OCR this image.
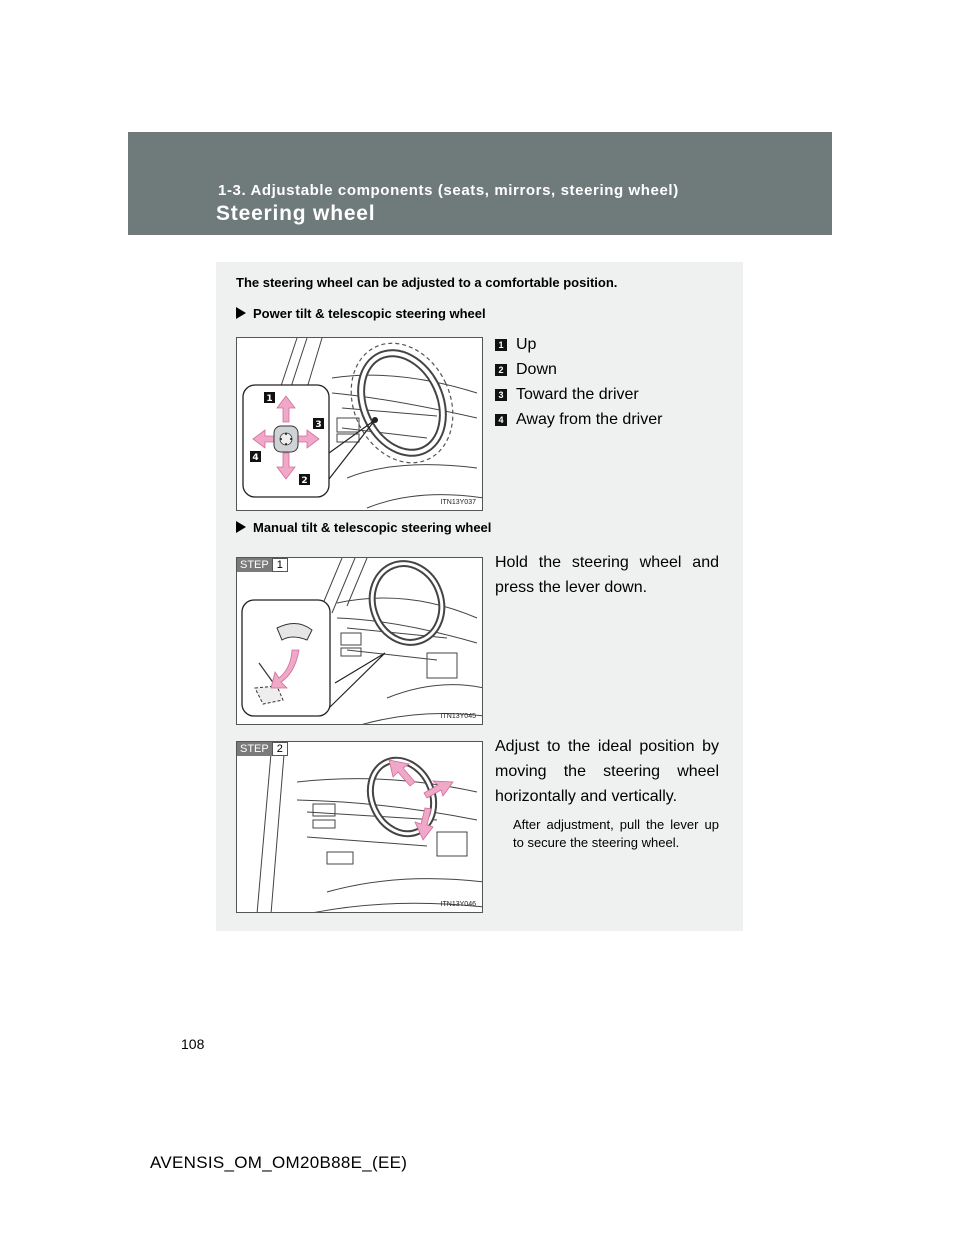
1-3. Adjustable components (seats, mirrors, steering wheel)
Steering wheel
The steering wheel can be adjusted to a comfortable position.
Power tilt & telescopic steering wheel
1
2
3
4
ITN13Y037
1 Up
2 Down
3 Toward the driver
4 Away from the driver
Manual tilt & telescopic steering wheel
STEP 1
ITN13Y045
Hold the steering wheel and press the lever down.
STEP 2
ITN13Y046
Adjust to the ideal position by moving the steering wheel horizontally and vertically.
After adjustment, pull the lever up to secure the steering wheel.
108
AVENSIS_OM_OM20B88E_(EE)
